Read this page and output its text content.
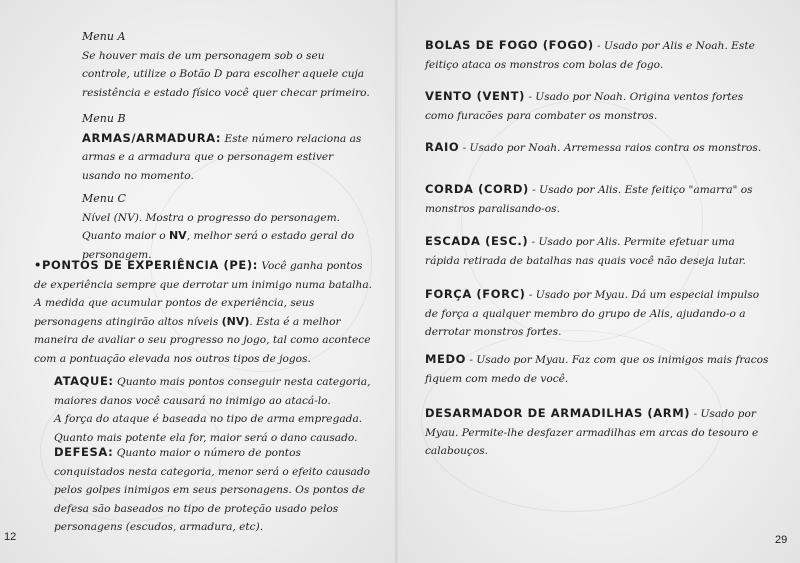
Menu A

Se houver mais de um personagem sob o seu controle, utilize o Botão D para escolher aquele cuja resistência e estado físico você quer checar primeiro.

Menu B

ARMAS/ARMADURA: Este número relaciona as armas e a armadura que o personagem estiver usando no momento.

Menu C

Nível (NV). Mostra o progresso do personagem. Quanto maior o NV, melhor será o estado geral do personagem.

•PONTOS DE EXPERIÊNCIA (PE): Você ganha pontos de experiência sempre que derrotar um inimigo numa batalha. A medida que acumular pontos de experiência, seus personagens atingirão altos níveis (NV). Esta é a melhor maneira de avaliar o seu progresso no jogo, tal como acontece com a pontuação elevada nos outros tipos de jogos.

ATAQUE: Quanto mais pontos conseguir nesta categoria, maiores danos você causará no inimigo ao atacá-lo.

A força do ataque é baseada no tipo de arma empregada. Quanto mais potente ela for, maior será o dano causado.

DEFESA: Quanto maior o número de pontos conquistados nesta categoria, menor será o efeito causado pelos golpes inimigos em seus personagens. Os pontos de defesa são baseados no tipo de proteção usado pelos personagens (escudos, armadura, etc).

12

BOLAS DE FOGO (FOGO) - Usado por Alis e Noah. Este feitiço ataca os monstros com bolas de fogo.

VENTO (VENT) - Usado por Noah. Origina ventos fortes como furacões para combater os monstros.

RAIO - Usado por Noah. Arremessa raios contra os monstros.

CORDA (CORD) - Usado por Alis. Este feitiço "amarra" os monstros paralisando-os.

ESCADA (ESC.) - Usado por Alis. Permite efetuar uma rápida retirada de batalhas nas quais você não deseja lutar.

FORÇA (FORC) - Usado por Myau. Dá um especial impulso de força a qualquer membro do grupo de Alis, ajudando-o a derrotar monstros fortes.

MEDO - Usado por Myau. Faz com que os inimigos mais fracos fiquem com medo de você.

DESARMADOR DE ARMADILHAS (ARM) - Usado por Myau. Permite-lhe desfazer armadilhas em arcas do tesouro e calabouços.

29
